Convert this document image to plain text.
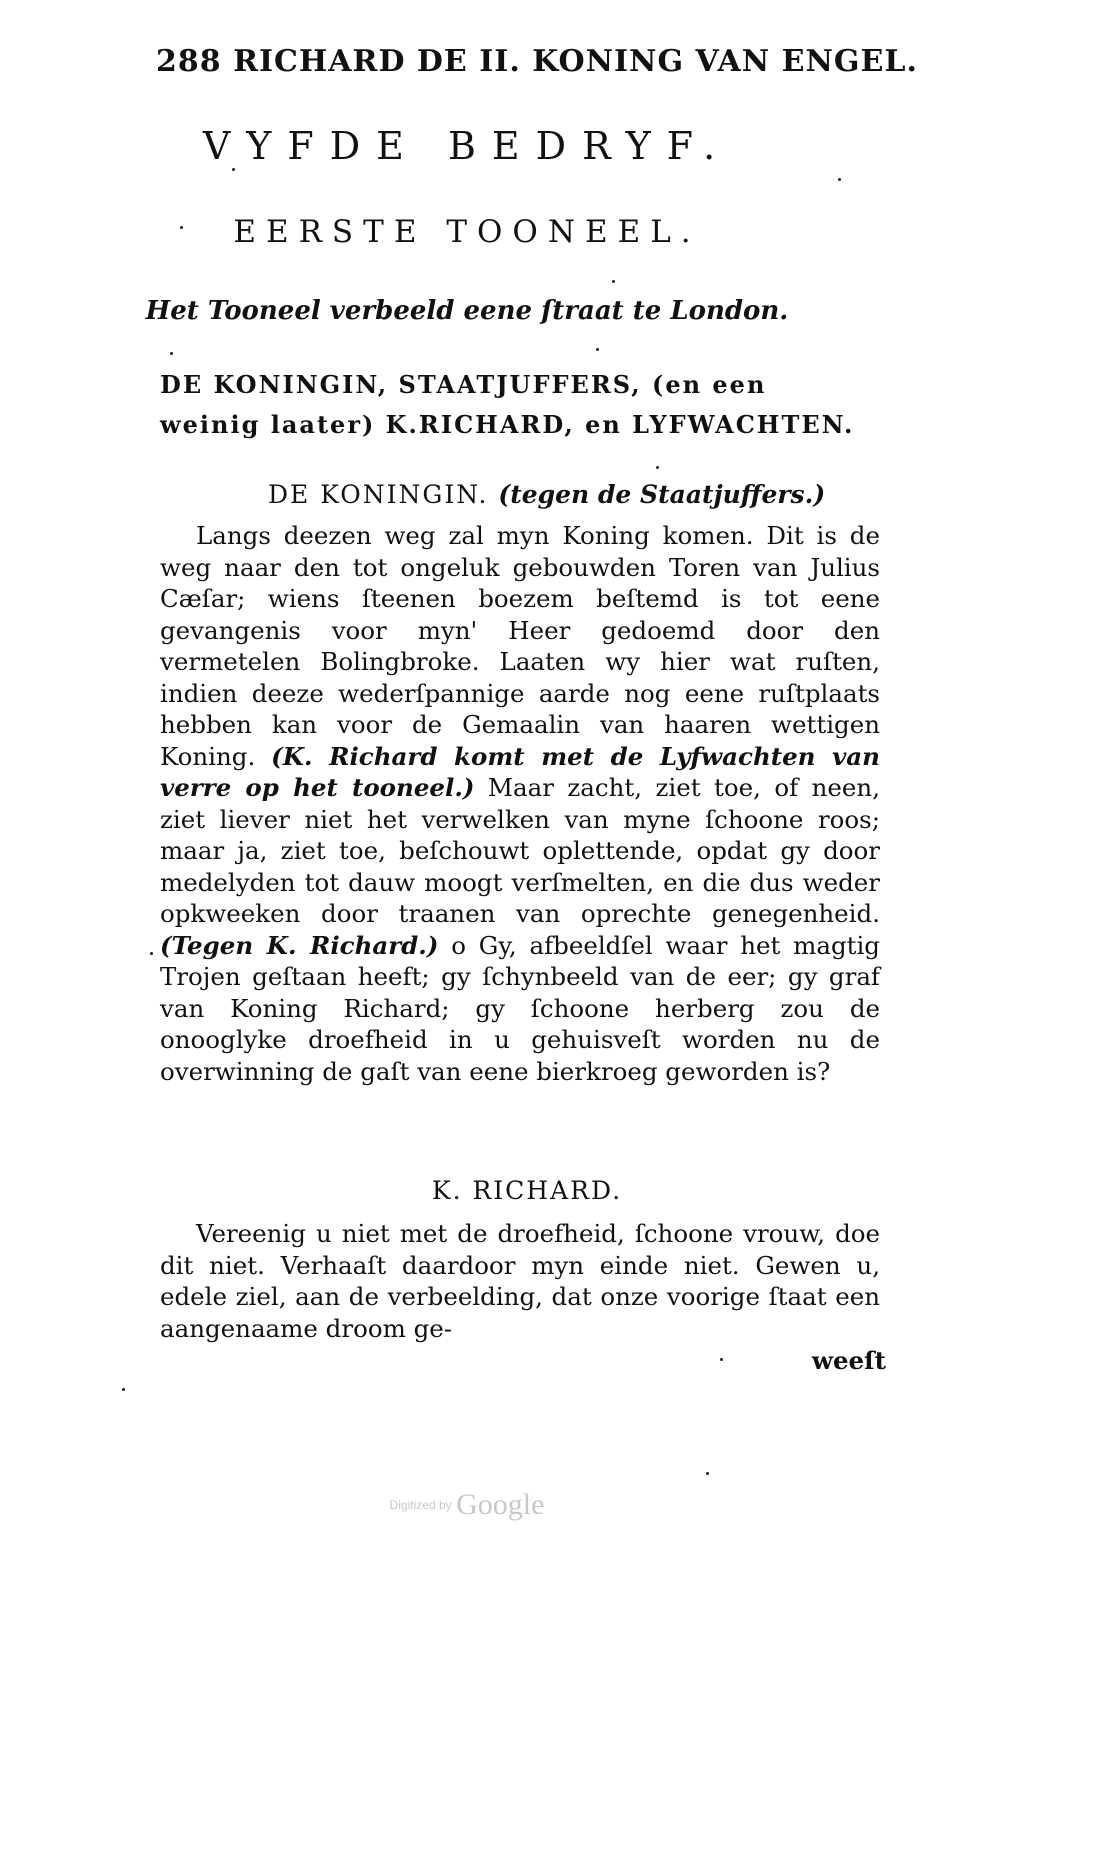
288 RICHARD DE II. KONING VAN ENGEL.
VYFDE BEDRYF.
EERSTE TOONEEL.
Het Tooneel verbeeld eene ſtraat te London.
DE KONINGIN, STAATJUFFERS, (en een
weinig laater) K.RICHARD, en LYFWACHTEN.
DE KONINGIN. (tegen de Staatjuffers.)
Langs deezen weg zal myn Koning komen. Dit is de weg naar den tot ongeluk gebouwden Toren van Julius Cæſar; wiens ſteenen boezem beſtemd is tot eene gevangenis voor myn' Heer gedoemd door den vermetelen Bolingbroke. Laaten wy hier wat ruſten, indien deeze wederſpannige aarde nog eene ruſtplaats hebben kan voor de Gemaalin van haaren wettigen Koning. (K. Richard komt met de Lyfwachten van verre op het tooneel.) Maar zacht, ziet toe, of neen, ziet liever niet het verwelken van myne ſchoone roos; maar ja, ziet toe, beſchouwt oplettende, opdat gy door medelyden tot dauw moogt verſmelten, en die dus weder opkweeken door traanen van oprechte genegenheid. (Tegen K. Richard.) o Gy, afbeeldſel waar het magtig Trojen geſtaan heeft; gy ſchynbeeld van de eer; gy graf van Koning Richard; gy ſchoone herberg zou de onooglyke droefheid in u gehuisveſt worden nu de overwinning de gaſt van eene bierkroeg geworden is?
K. RICHARD.
Vereenig u niet met de droefheid, ſchoone vrouw, doe dit niet. Verhaaſt daardoor myn einde niet. Gewen u, edele ziel, aan de verbeelding, dat onze voorige ſtaat een aangenaame droom ge-
weeſt
Digitized by Google
